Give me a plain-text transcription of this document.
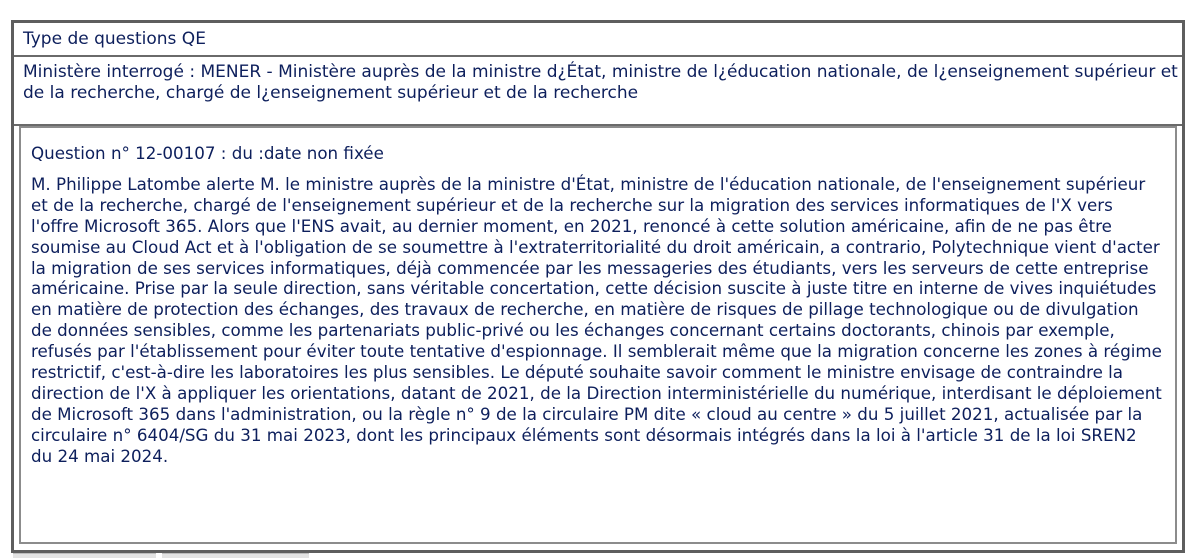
Type de questions QE
Ministère interrogé : MENER - Ministère auprès de la ministre d¿État, ministre de l¿éducation nationale, de l¿enseignement supérieur et de la recherche, chargé de l¿enseignement supérieur et de la recherche
Question n° 12-00107 : du :date non fixée
M. Philippe Latombe alerte M. le ministre auprès de la ministre d'État, ministre de l'éducation nationale, de l'enseignement supérieur et de la recherche, chargé de l'enseignement supérieur et de la recherche sur la migration des services informatiques de l'X vers l'offre Microsoft 365. Alors que l'ENS avait, au dernier moment, en 2021, renoncé à cette solution américaine, afin de ne pas être soumise au Cloud Act et à l'obligation de se soumettre à l'extraterritorialité du droit américain, a contrario, Polytechnique vient d'acter la migration de ses services informatiques, déjà commencée par les messageries des étudiants, vers les serveurs de cette entreprise américaine. Prise par la seule direction, sans véritable concertation, cette décision suscite à juste titre en interne de vives inquiétudes en matière de protection des échanges, des travaux de recherche, en matière de risques de pillage technologique ou de divulgation de données sensibles, comme les partenariats public-privé ou les échanges concernant certains doctorants, chinois par exemple, refusés par l'établissement pour éviter toute tentative d'espionnage. Il semblerait même que la migration concerne les zones à régime restrictif, c'est-à-dire les laboratoires les plus sensibles. Le député souhaite savoir comment le ministre envisage de contraindre la direction de l'X à appliquer les orientations, datant de 2021, de la Direction interministérielle du numérique, interdisant le déploiement de Microsoft 365 dans l'administration, ou la règle n° 9 de la circulaire PM dite « cloud au centre » du 5 juillet 2021, actualisée par la circulaire n° 6404/SG du 31 mai 2023, dont les principaux éléments sont désormais intégrés dans la loi à l'article 31 de la loi SREN2 du 24 mai 2024.
